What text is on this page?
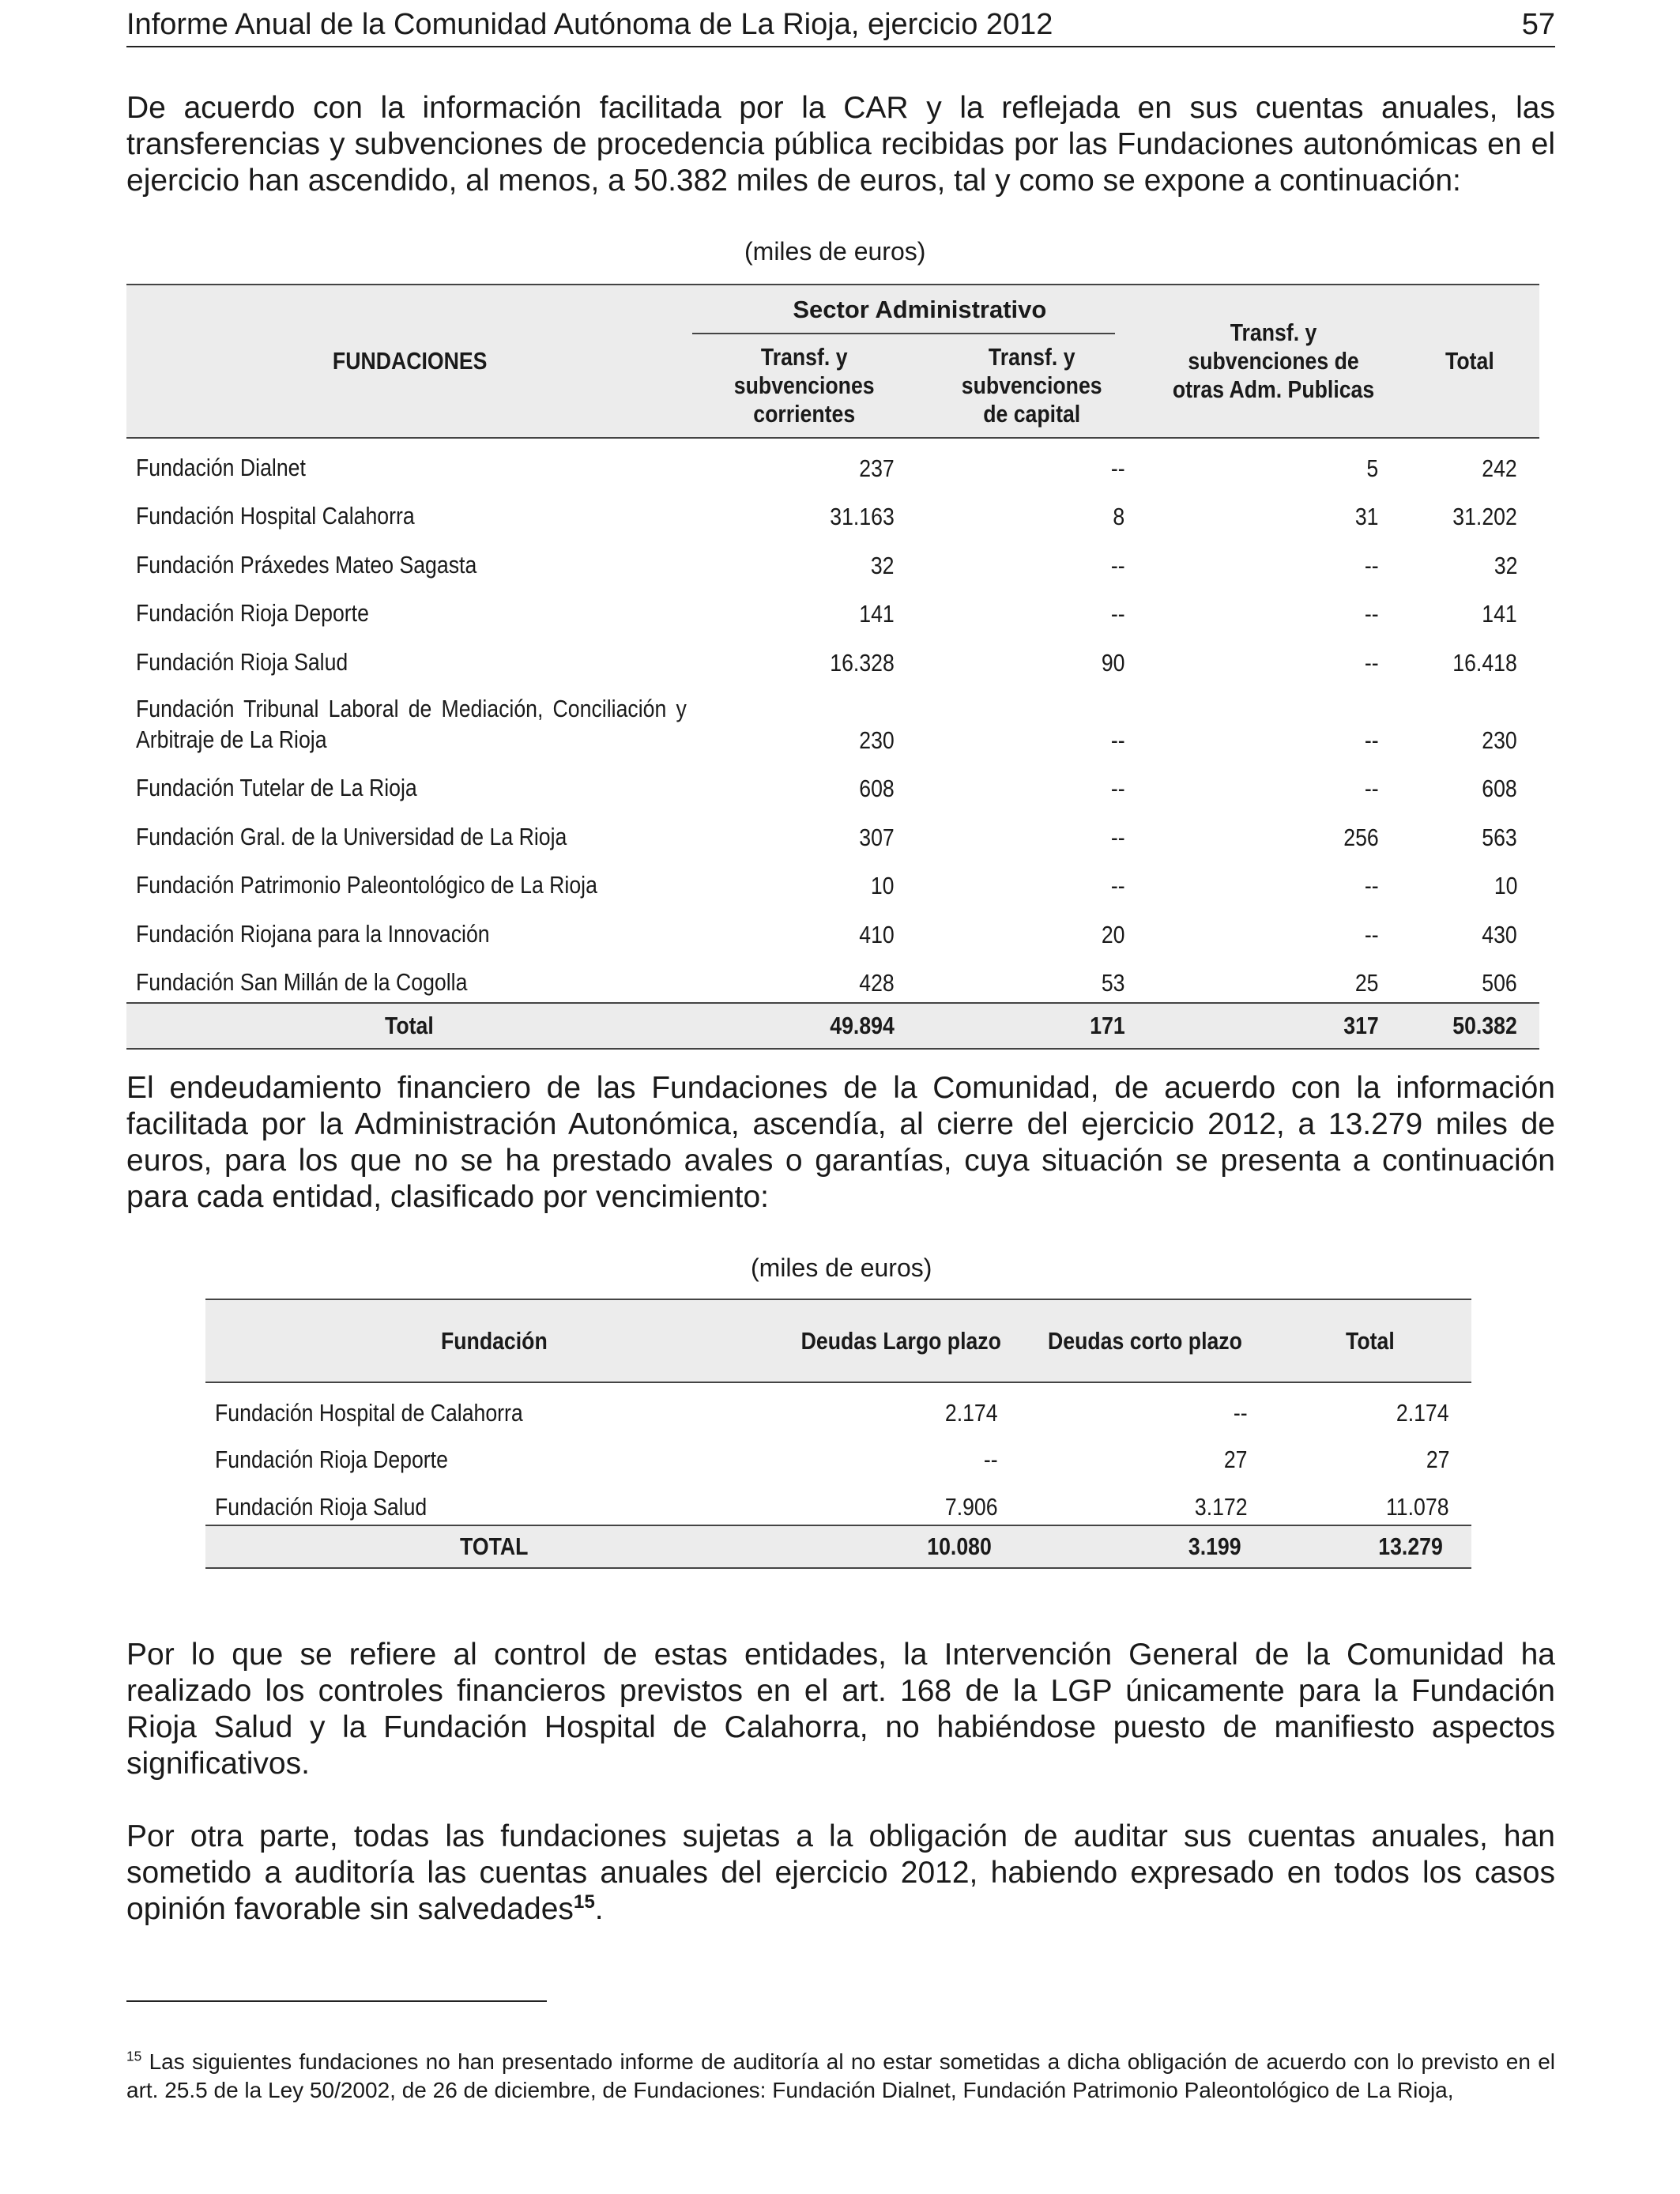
Informe Anual de la Comunidad Autónoma de La Rioja, ejercicio 2012	57

De acuerdo con la información facilitada por la CAR y la reflejada en sus cuentas anuales, las transferencias y subvenciones de procedencia pública recibidas por las Fundaciones autonómicas en el ejercicio han ascendido, al menos, a 50.382 miles de euros, tal y como se expone a continuación:

(miles de euros)
FUNDACIONES	Sector Administrativo		Transf. y subvenciones de otras Adm. Publicas	Total
	Transf. y subvenciones corrientes	Transf. y subvenciones de capital		
Fundación Dialnet	237	--	5	242
Fundación Hospital Calahorra	31.163	8	31	31.202
Fundación Práxedes Mateo Sagasta	32	--	--	32
Fundación Rioja Deporte	141	--	--	141
Fundación Rioja Salud	16.328	90	--	16.418
Fundación Tribunal Laboral de Mediación, Conciliación y Arbitraje de La Rioja	230	--	--	230
Fundación Tutelar de La Rioja	608	--	--	608
Fundación Gral. de la Universidad de La Rioja	307	--	256	563
Fundación Patrimonio Paleontológico de La Rioja	10	--	--	10
Fundación Riojana para la Innovación	410	20	--	430
Fundación San Millán de la Cogolla	428	53	25	506
Total	49.894	171	317	50.382

El endeudamiento financiero de las Fundaciones de la Comunidad, de acuerdo con la información facilitada por la Administración Autonómica, ascendía, al cierre del ejercicio 2012, a 13.279 miles de euros, para los que no se ha prestado avales o garantías, cuya situación se presenta a continuación para cada entidad, clasificado por vencimiento:

(miles de euros)
Fundación	Deudas Largo plazo	Deudas corto plazo	Total
Fundación Hospital de Calahorra	2.174	--	2.174
Fundación Rioja Deporte	--	27	27
Fundación Rioja Salud	7.906	3.172	11.078
TOTAL	10.080	3.199	13.279

Por lo que se refiere al control de estas entidades, la Intervención General de la Comunidad ha realizado los controles financieros previstos en el art. 168 de la LGP únicamente para la Fundación Rioja Salud y la Fundación Hospital de Calahorra, no habiéndose puesto de manifiesto aspectos significativos.

Por otra parte, todas las fundaciones sujetas a la obligación de auditar sus cuentas anuales, han sometido a auditoría las cuentas anuales del ejercicio 2012, habiendo expresado en todos los casos opinión favorable sin salvedades$^{15}$.

$^{15}$ Las siguientes fundaciones no han presentado informe de auditoría al no estar sometidas a dicha obligación de acuerdo con lo previsto en el art. 25.5 de la Ley 50/2002, de 26 de diciembre, de Fundaciones: Fundación Dialnet, Fundación Patrimonio Paleontológico de La Rioja,
